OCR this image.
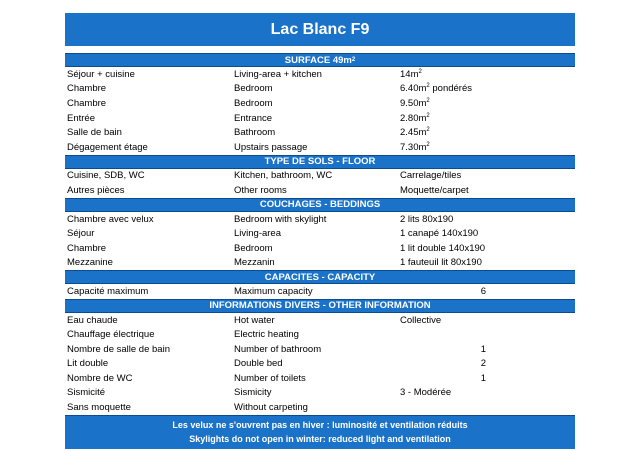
Lac Blanc F9
SURFACE 49m 2
Séjour + cuisine	Living-area + kitchen	$14m^2$
Chambre	Bedroom	$6.40m^2$ pondérés
Chambre	Bedroom	$9.50m^2$
Entrée	Entrance	$2.80m^2$
Salle de bain	Bathroom	$2.45m^2$
Dégagement étage	Upstairs passage	$7.30m^2$
TYPE DE SOLS - FLOOR
Cuisine, SDB, WC	Kitchen, bathroom, WC	Carrelage/tiles
Autres pièces	Other rooms	Moquette/carpet
COUCHAGES - BEDDINGS
Chambre avec velux	Bedroom with skylight	2 lits 80x190
Séjour	Living-area	1 canapé 140x190
Chambre	Bedroom	1 lit double 140x190
Mezzanine	Mezzanin	1 fauteuil lit 80x190
CAPACITES - CAPACITY
Capacité maximum	Maximum capacity	6
INFORMATIONS DIVERS - OTHER INFORMATION
Eau chaude	Hot water	Collective
Chauffage électrique	Electric heating
Nombre de salle de bain	Number of bathroom	1
Lit double	Double bed	2
Nombre de WC	Number of toilets	1
Sismicité	Sismicity	3 - Modérée
Sans moquette	Without carpeting
Les velux ne s'ouvrent pas en hiver : luminosité et ventilation réduits
Skylights do not open in winter: reduced light and ventilation
